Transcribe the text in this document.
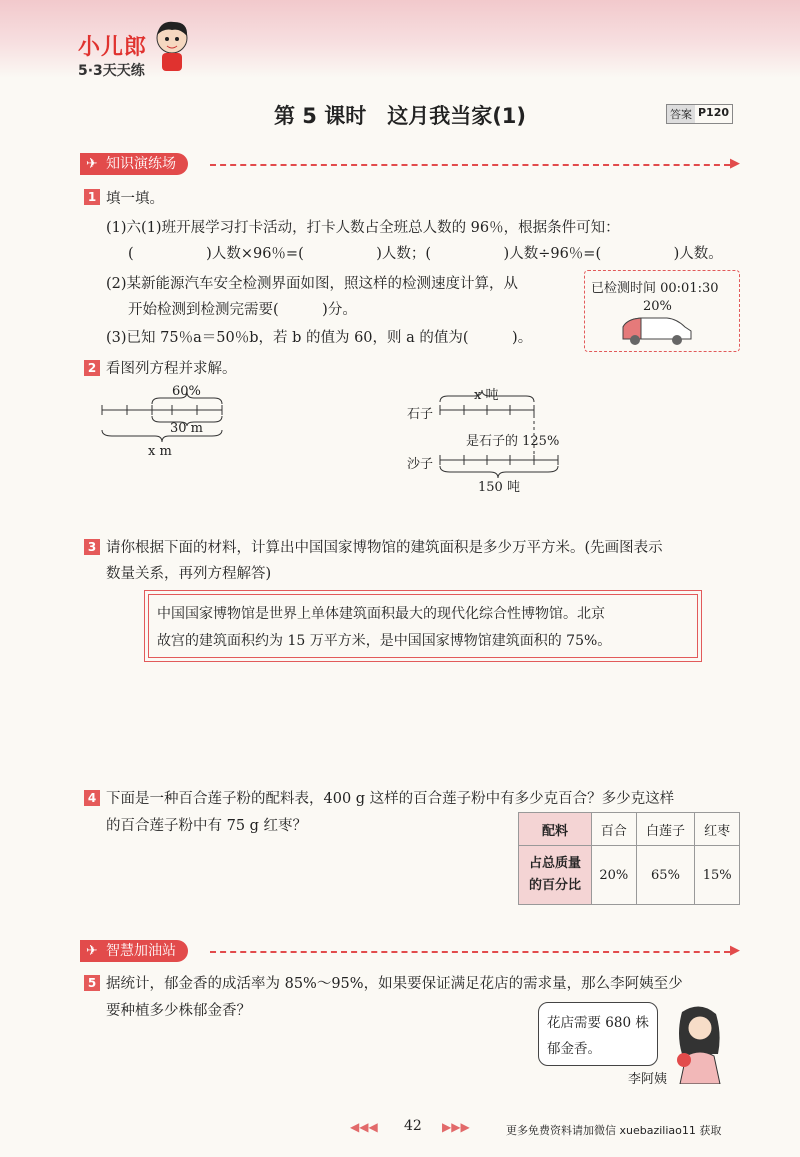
小儿郎
5·3天天练
第 5 课时　这月我当家(1)	答案 P120
✈ 知识演练场	▶
1 填一填。
(1)六(1)班开展学习打卡活动，打卡人数占全班总人数的 96％，根据条件可知：
(　　　　　)人数×96％=(　　　　　)人数；(　　　　　)人数÷96％=(　　　　　)人数。
(2)某新能源汽车安全检测界面如图，照这样的检测速度计算，从
开始检测到检测完需要(　　　)分。
(3)已知 75％a＝50％b，若 b 的值为 60，则 a 的值为(　　　)。
已检测时间 00:01:30
20%
2 看图列方程并求解。
60%
30 m
x m
x 吨
石子
是石子的 125%
沙子
150 吨
3 请你根据下面的材料，计算出中国国家博物馆的建筑面积是多少万平方米。(先画图表示
数量关系，再列方程解答)
中国国家博物馆是世界上单体建筑面积最大的现代化综合性博物馆。北京
故宫的建筑面积约为 15 万平方米，是中国国家博物馆建筑面积的 75%。
4 下面是一种百合莲子粉的配料表，400 g 这样的百合莲子粉中有多少克百合？多少克这样
的百合莲子粉中有 75 g 红枣？	配料	百合	白莲子	红枣
占总质量
的百分比	20%	65%	15%
✈ 智慧加油站	▶
5 据统计，郁金香的成活率为 85%～95%，如果要保证满足花店的需求量，那么李阿姨至少
要种植多少株郁金香？
花店需要 680 株
郁金香。
李阿姨
◀◀◀ 42 ▶▶▶	更多免费资料请加微信 xuebaziliao11 获取
